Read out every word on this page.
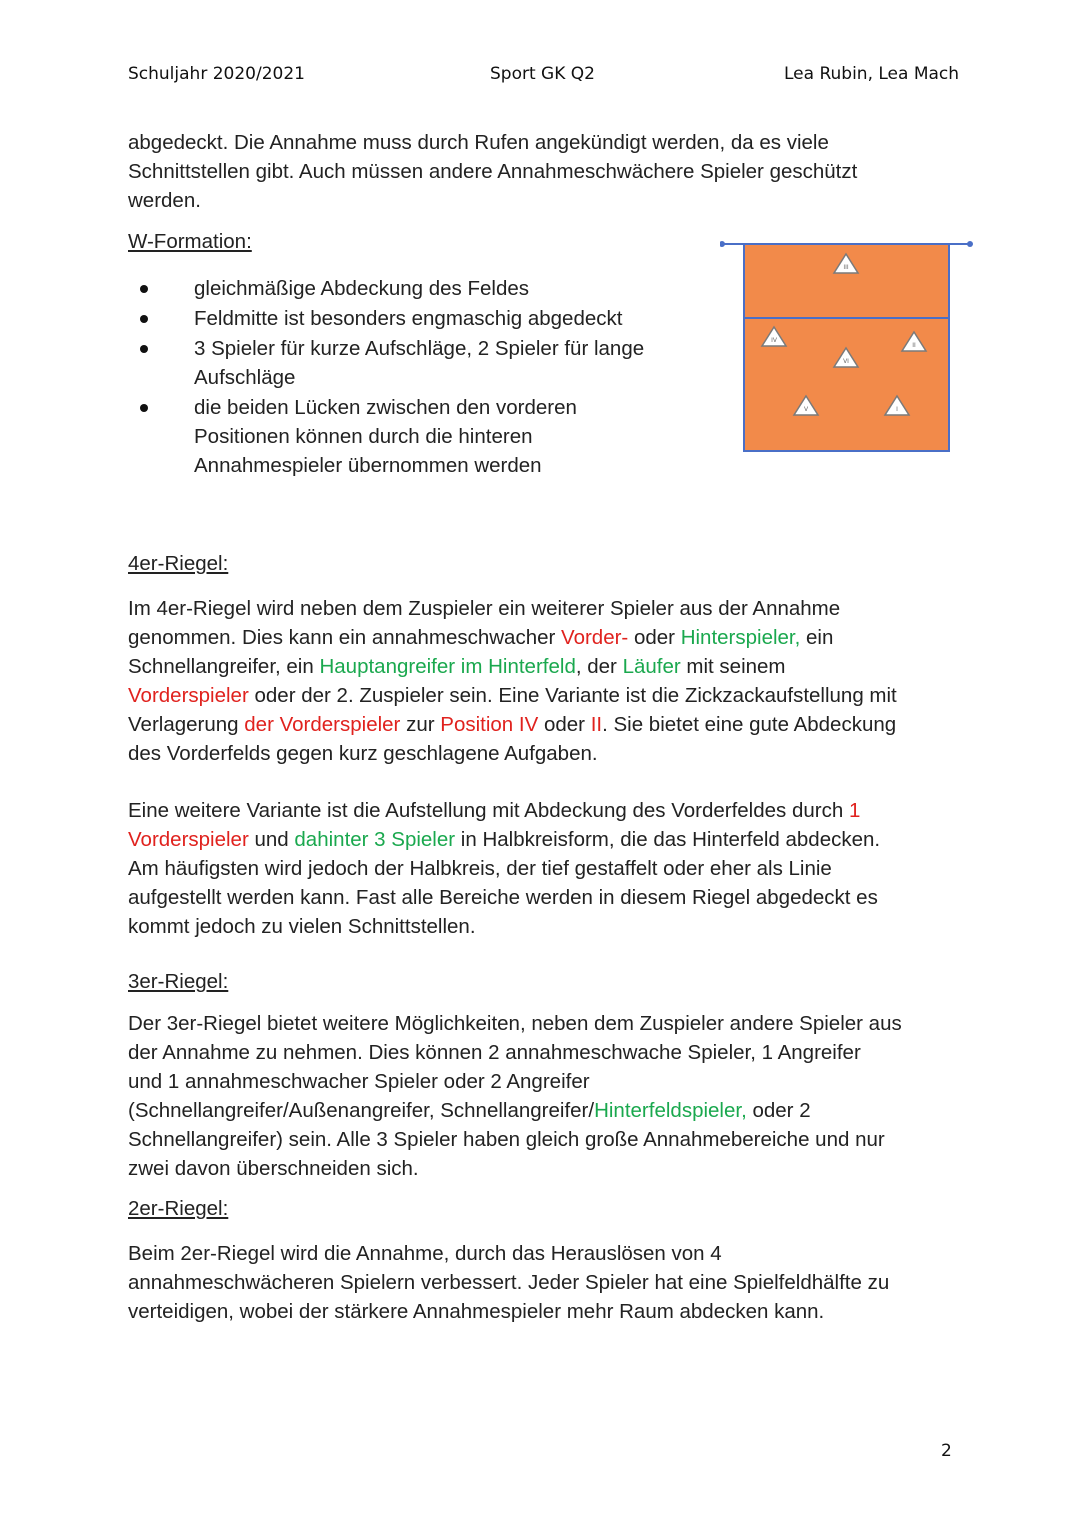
Schuljahr 2020/2021	Sport GK Q2	Lea Rubin, Lea Mach

abgedeckt. Die Annahme muss durch Rufen angekündigt werden, da es viele
Schnittstellen gibt. Auch müssen andere Annahmeschwächere Spieler geschützt
werden.

W-Formation:
gleichmäßige Abdeckung des Feldes
Feldmitte ist besonders engmaschig abgedeckt
3 Spieler für kurze Aufschläge, 2 Spieler für lange
Aufschläge
die beiden Lücken zwischen den vorderen
Positionen können durch die hinteren
Annahmespieler übernommen werden
III
IV
II
VI
V	I
4er-Riegel:

Im 4er-Riegel wird neben dem Zuspieler ein weiterer Spieler aus der Annahme
genommen. Dies kann ein annahmeschwacher Vorder- oder Hinterspieler, ein
Schnellangreifer, ein Hauptangreifer im Hinterfeld, der Läufer mit seinem
Vorderspieler oder der 2. Zuspieler sein. Eine Variante ist die Zickzackaufstellung mit
Verlagerung der Vorderspieler zur Position IV oder II. Sie bietet eine gute Abdeckung
des Vorderfelds gegen kurz geschlagene Aufgaben.

Eine weitere Variante ist die Aufstellung mit Abdeckung des Vorderfeldes durch 1
Vorderspieler und dahinter 3 Spieler in Halbkreisform, die das Hinterfeld abdecken.
Am häufigsten wird jedoch der Halbkreis, der tief gestaffelt oder eher als Linie
aufgestellt werden kann. Fast alle Bereiche werden in diesem Riegel abgedeckt es
kommt jedoch zu vielen Schnittstellen.

3er-Riegel:

Der 3er-Riegel bietet weitere Möglichkeiten, neben dem Zuspieler andere Spieler aus
der Annahme zu nehmen. Dies können 2 annahmeschwache Spieler, 1 Angreifer
und 1 annahmeschwacher Spieler oder 2 Angreifer
(Schnellangreifer/Außenangreifer, Schnellangreifer/Hinterfeldspieler, oder 2
Schnellangreifer) sein. Alle 3 Spieler haben gleich große Annahmebereiche und nur
zwei davon überschneiden sich.

2er-Riegel:

Beim 2er-Riegel wird die Annahme, durch das Herauslösen von 4
annahmeschwächeren Spielern verbessert. Jeder Spieler hat eine Spielfeldhälfte zu
verteidigen, wobei der stärkere Annahmespieler mehr Raum abdecken kann.

2
